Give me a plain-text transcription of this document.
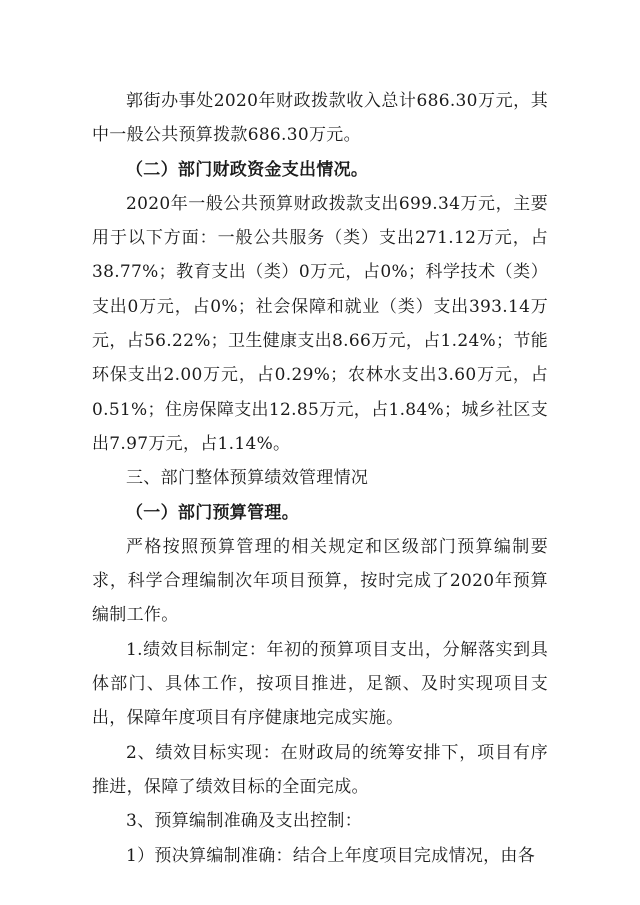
郭街办事处2020年财政拨款收入总计686.30万元，其中一般公共预算拨款686.30万元。

（二）部门财政资金支出情况。

2020年一般公共预算财政拨款支出699.34万元，主要用于以下方面：一般公共服务（类）支出271.12万元，占38.77%；教育支出（类）0万元，占0%；科学技术（类）支出0万元，占0%；社会保障和就业（类）支出393.14万元，占56.22%；卫生健康支出8.66万元，占1.24%；节能环保支出2.00万元，占0.29%；农林水支出3.60万元，占 0.51%；住房保障支出12.85万元，占1.84%；城乡社区支出7.97万元，占1.14%。

三、部门整体预算绩效管理情况

（一）部门预算管理。

严格按照预算管理的相关规定和区级部门预算编制要求，科学合理编制次年项目预算，按时完成了2020年预算编制工作。

1.绩效目标制定：年初的预算项目支出，分解落实到具体部门、具体工作，按项目推进，足额、及时实现项目支出，保障年度项目有序健康地完成实施。

2、绩效目标实现：在财政局的统筹安排下，项目有序推进，保障了绩效目标的全面完成。

3、预算编制准确及支出控制：

1）预决算编制准确：结合上年度项目完成情况，由各
